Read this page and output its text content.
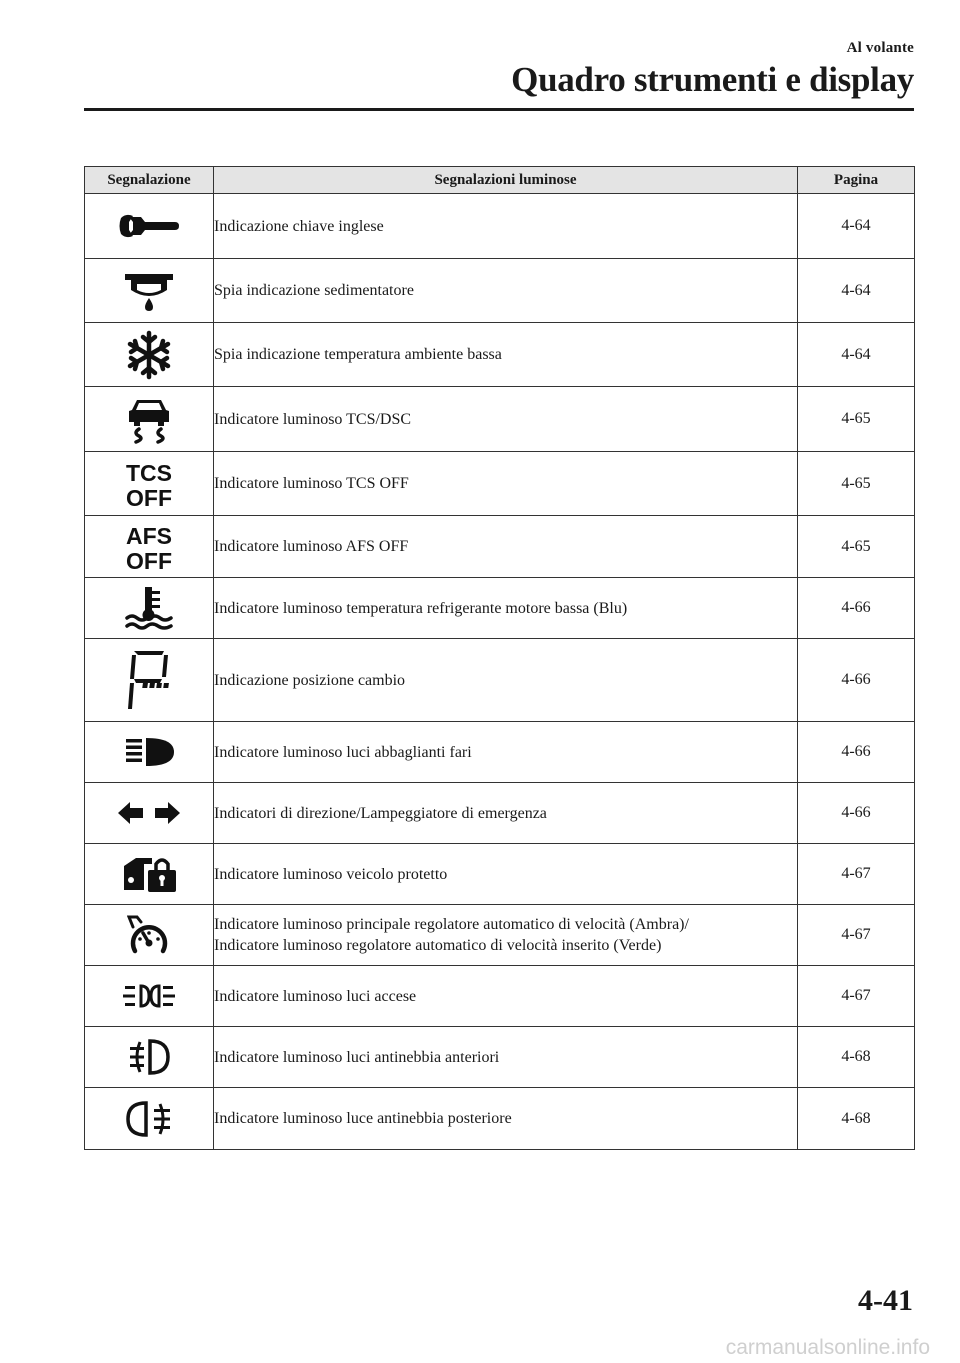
Al volante
Quadro strumenti e display
Segnalazione	Segnalazioni luminose	Pagina
	Indicazione chiave inglese	4-64
	Spia indicazione sedimentatore	4-64
	Spia indicazione temperatura ambiente bassa	4-64
	Indicatore luminoso TCS/DSC	4-65

TCS
OFF	Indicatore luminoso TCS OFF	4-65

AFS
OFF	Indicatore luminoso AFS OFF	4-65
	Indicatore luminoso temperatura refrigerante motore bassa (Blu)	4-66
	Indicazione posizione cambio	4-66
	Indicatore luminoso luci abbaglianti fari	4-66
	Indicatori di direzione/Lampeggiatore di emergenza	4-66
	Indicatore luminoso veicolo protetto	4-67
	Indicatore luminoso principale regolatore automatico di velocità (Ambra)/
Indicatore luminoso regolatore automatico di velocità inserito (Verde)	4-67
	Indicatore luminoso luci accese	4-67
	Indicatore luminoso luci antinebbia anteriori	4-68
	Indicatore luminoso luce antinebbia posteriore	4-68
4-41
carmanualsonline.info
